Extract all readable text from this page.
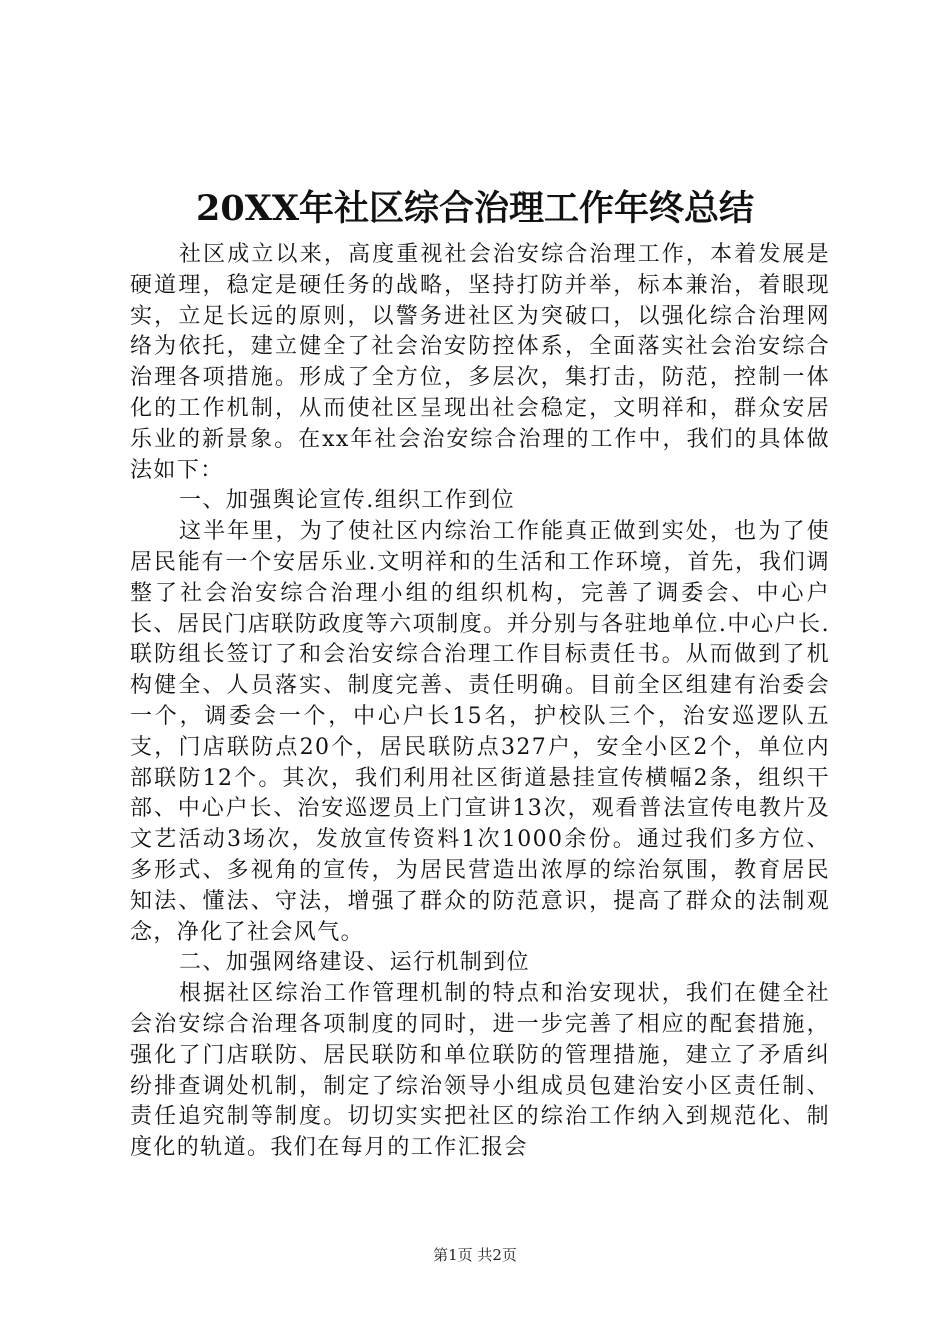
20XX年社区综合治理工作年终总结

社区成立以来，高度重视社会治安综合治理工作，本着发展是硬道理，稳定是硬任务的战略，坚持打防并举，标本兼治，着眼现实，立足长远的原则，以警务进社区为突破口，以强化综合治理网络为依托，建立健全了社会治安防控体系，全面落实社会治安综合治理各项措施。形成了全方位，多层次，集打击，防范，控制一体化的工作机制，从而使社区呈现出社会稳定，文明祥和，群众安居乐业的新景象。在xx年社会治安综合治理的工作中，我们的具体做法如下：

一、加强舆论宣传.组织工作到位

这半年里，为了使社区内综治工作能真正做到实处，也为了使居民能有一个安居乐业.文明祥和的生活和工作环境，首先，我们调整了社会治安综合治理小组的组织机构，完善了调委会、中心户长、居民门店联防政度等六项制度。并分别与各驻地单位.中心户长.联防组长签订了和会治安综合治理工作目标责任书。从而做到了机构健全、人员落实、制度完善、责任明确。目前全区组建有治委会一个，调委会一个，中心户长15名，护校队三个，治安巡逻队五支，门店联防点20个，居民联防点327户，安全小区2个，单位内部联防12个。其次，我们利用社区街道悬挂宣传横幅2条，组织干部、中心户长、治安巡逻员上门宣讲13次，观看普法宣传电教片及文艺活动3场次，发放宣传资料1次1000余份。通过我们多方位、多形式、多视角的宣传，为居民营造出浓厚的综治氛围，教育居民知法、懂法、守法，增强了群众的防范意识，提高了群众的法制观念，净化了社会风气。

二、加强网络建设、运行机制到位

根据社区综治工作管理机制的特点和治安现状，我们在健全社会治安综合治理各项制度的同时，进一步完善了相应的配套措施，强化了门店联防、居民联防和单位联防的管理措施，建立了矛盾纠纷排查调处机制，制定了综治领导小组成员包建治安小区责任制、责任追究制等制度。切切实实把社区的综治工作纳入到规范化、制度化的轨道。我们在每月的工作汇报会

第1页 共2页
